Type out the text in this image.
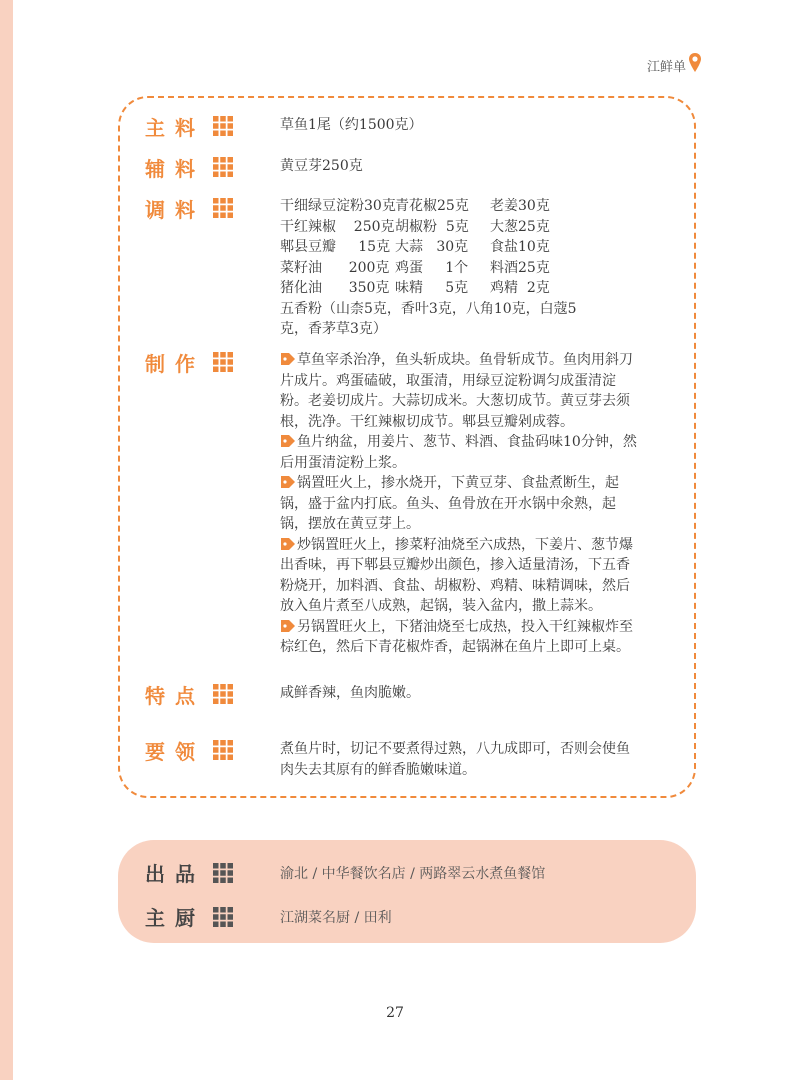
江鲜单
主料	草鱼1尾（约1500克）
辅料	黄豆芽250克
调料	干细绿豆淀粉30克 青花椒25克	老姜30克
干红辣椒    250克 胡椒粉  5克	大葱25克
郫县豆瓣     15克 大蒜   30克	食盐10克
菜籽油      200克 鸡蛋     1个	料酒25克
猪化油      350克 味精     5克	鸡精  2克
五香粉（山柰5克，香叶3克，八角10克，白蔻5
克，香茅草3克）
制作	草鱼宰杀治净，鱼头斩成块。鱼骨斩成节。鱼肉用斜刀片成片。鸡蛋磕破，取蛋清，用绿豆淀粉调匀成蛋清淀粉。老姜切成片。大蒜切成米。大葱切成节。黄豆芽去须根，洗净。干红辣椒切成节。郫县豆瓣剁成蓉。

鱼片纳盆，用姜片、葱节、料酒、食盐码味10分钟，然后用蛋清淀粉上浆。

锅置旺火上，掺水烧开，下黄豆芽、食盐煮断生，起锅，盛于盆内打底。鱼头、鱼骨放在开水锅中氽熟，起锅，摆放在黄豆芽上。

炒锅置旺火上，掺菜籽油烧至六成热，下姜片、葱节爆出香味，再下郫县豆瓣炒出颜色，掺入适量清汤，下五香粉烧开，加料酒、食盐、胡椒粉、鸡精、味精调味，然后放入鱼片煮至八成熟，起锅，装入盆内，撒上蒜米。

另锅置旺火上，下猪油烧至七成热，投入干红辣椒炸至棕红色，然后下青花椒炸香，起锅淋在鱼片上即可上桌。

特点	咸鲜香辣，鱼肉脆嫩。
要领	煮鱼片时，切记不要煮得过熟，八九成即可，否则会使鱼肉失去其原有的鲜香脆嫩味道。
出品	渝北 / 中华餐饮名店 / 两路翠云水煮鱼餐馆
主厨	江湖菜名厨 / 田利
27
